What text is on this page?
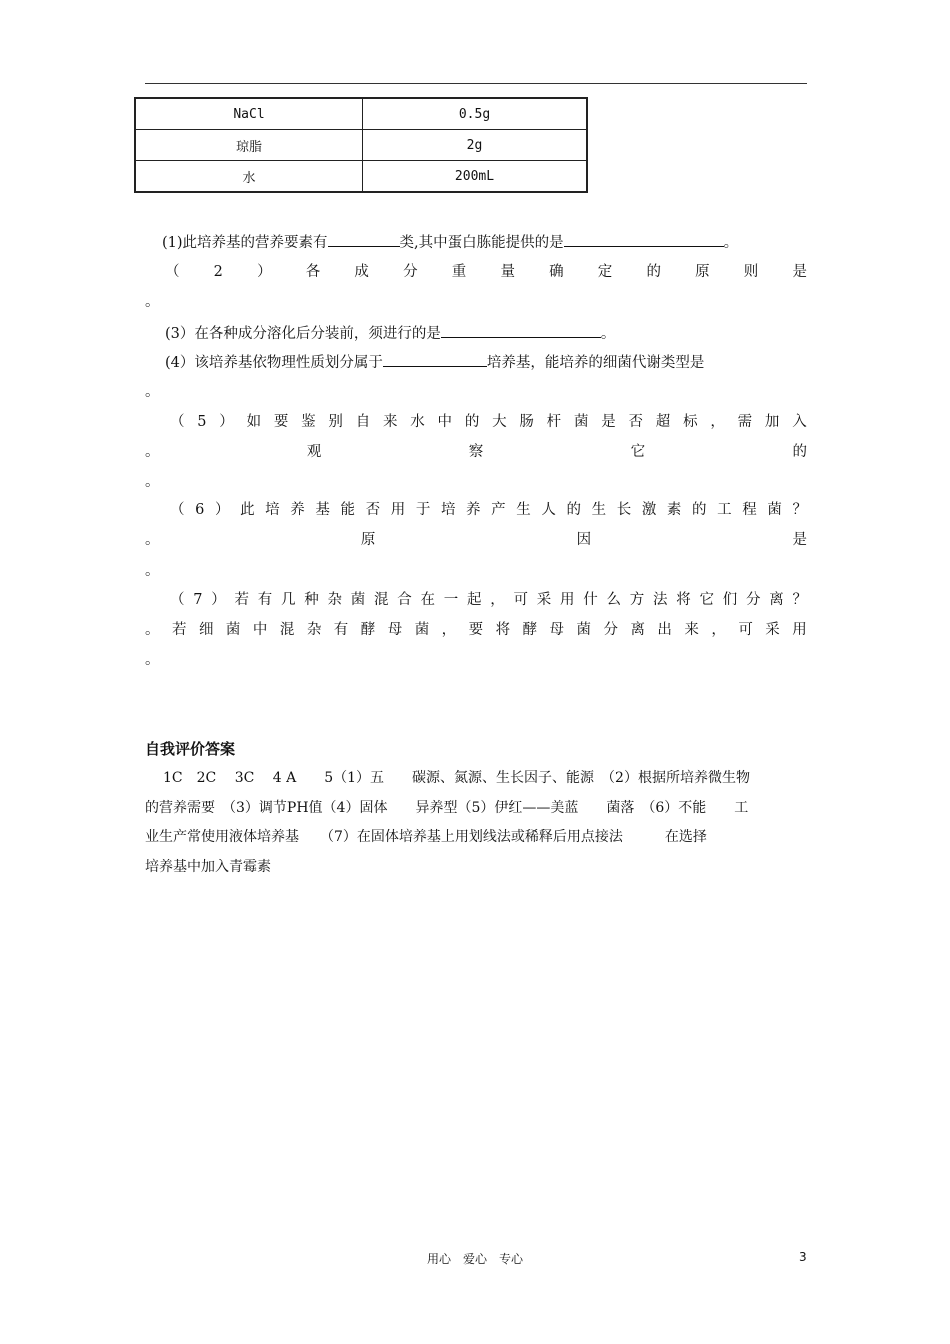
NaCl	0.5g
琼脂	2g
水	200mL
(1)此培养基的营养要素有	类,其中蛋白胨能提供的是	。
（ 2 ） 各 成 分 重 量 确 定 的 原 则 是
。
(3）在各种成分溶化后分装前，须进行的是	。
(4）该培养基依物理性质划分属于	培养基，能培养的细菌代谢类型是
。
（ 5 ） 如 要 鉴 别 自 来 水 中 的 大 肠 杆 菌 是 否 超 标 ， 需 加 入
。	观	察	它	的
。
（ 6 ） 此 培 养 基 能 否 用 于 培 养 产 生 人 的 生 长 激 素 的 工 程 菌 ？
。	原	因	是
。
（ 7 ） 若 有 几 种 杂 菌 混 合 在 一 起 ， 可 采 用 什 么 方 法 将 它 们 分 离 ？
。 若 细 菌 中 混 杂 有 酵 母 菌 ， 要 将 酵 母 菌 分 离 出 来 ， 可 采 用
。
自我评价答案
1C　2C　 3C　 4 A　　5（1）五　　碳源、氮源、生长因子、能源　（2）根据所培养微生物
的营养需要　（3）调节PH值（4）固体　　异养型（5）伊红——美蓝　　菌落　（6）不能　　工
业生产常使用液体培养基　　（7）在固体培养基上用划线法或稀释后用点接法　　　在选择
培养基中加入青霉素
用心　爱心　专心	3
